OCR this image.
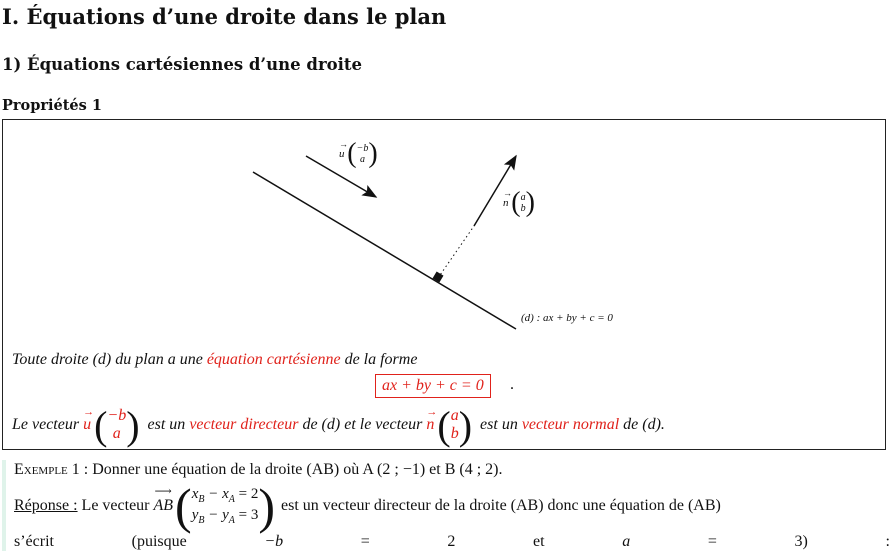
I. Équations d’une droite dans le plan
1) Équations cartésiennes d’une droite
Propriétés 1
→
u ( −b
a )
→
n ( a
b )
(d) : ax + by + c = 0
Toute droite (d) du plan a une équation cartésienne de la forme
ax + by + c = 0	.
Le vecteur
→
u ( −b
a ) est un vecteur directeur de (d) et le vecteur
→
n ( a
b ) est un vecteur normal de (d).
Exemple 1 : Donner une équation de la droite (AB) où A (2 ; −1) et B (4 ; 2).
Réponse : Le vecteur
⟶
AB ( $x_B - x_A = 2$
$y_B - y_A = 3$ ) est un vecteur directeur de la droite (AB) donc une équation de (AB)
s’écrit	(puisque	−b	=	2	et	a	=	3)	:
